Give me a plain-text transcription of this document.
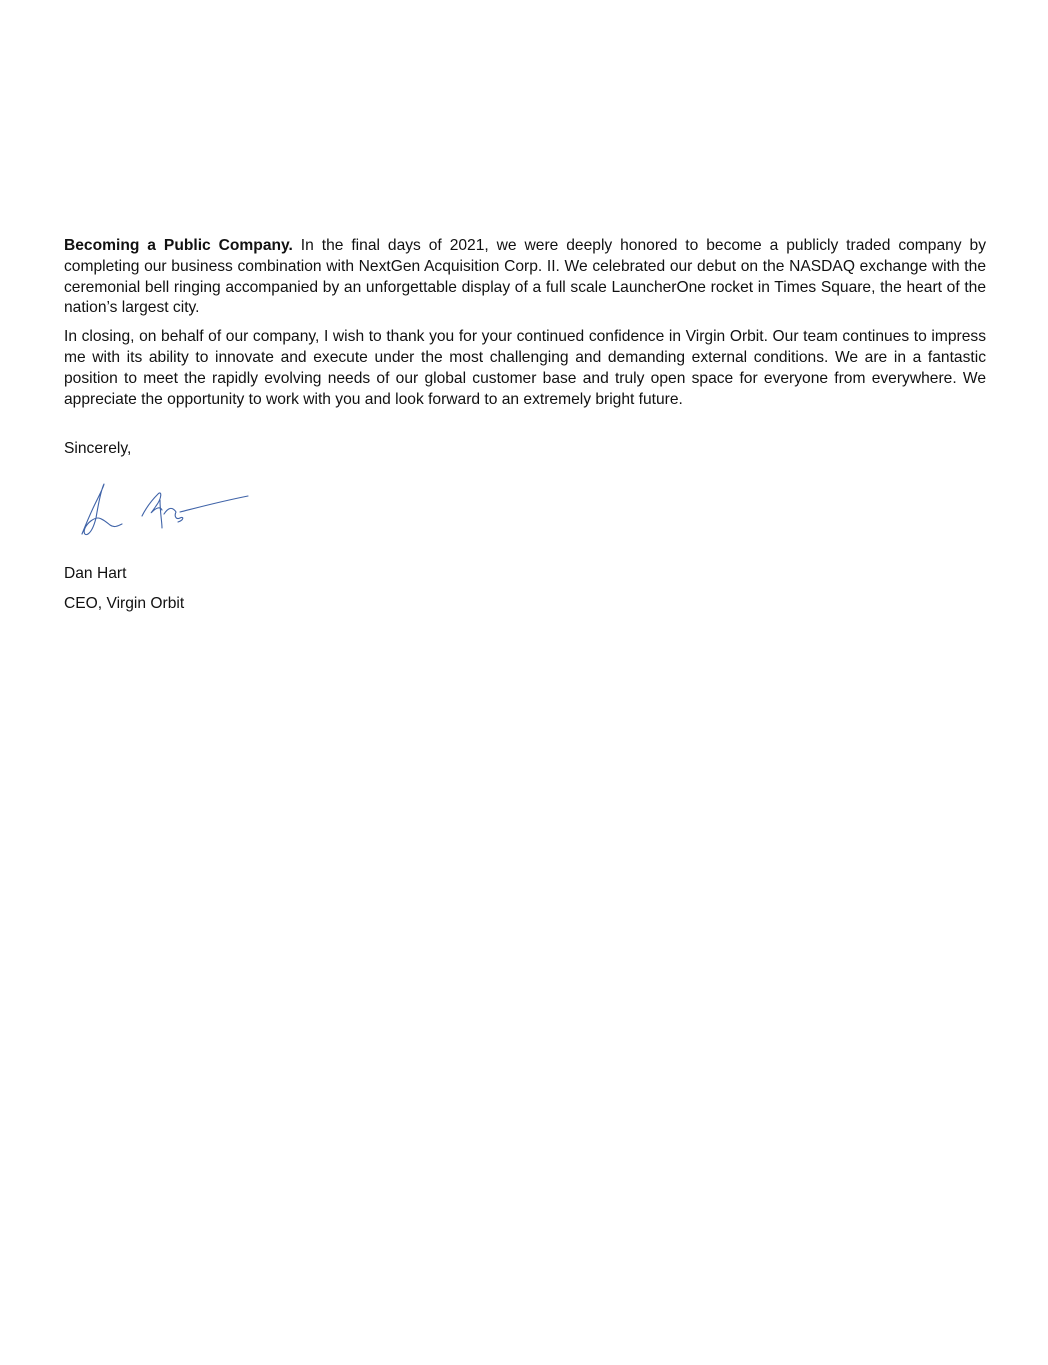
Becoming a Public Company. In the final days of 2021, we were deeply honored to become a publicly traded company by completing our business combination with NextGen Acquisition Corp. II. We celebrated our debut on the NASDAQ exchange with the ceremonial bell ringing accompanied by an unforgettable display of a full scale LauncherOne rocket in Times Square, the heart of the nation’s largest city.

In closing, on behalf of our company, I wish to thank you for your continued confidence in Virgin Orbit. Our team continues to impress me with its ability to innovate and execute under the most challenging and demanding external conditions. We are in a fantastic position to meet the rapidly evolving needs of our global customer base and truly open space for everyone from everywhere. We appreciate the opportunity to work with you and look forward to an extremely bright future.

Sincerely,
Dan Hart
CEO, Virgin Orbit
